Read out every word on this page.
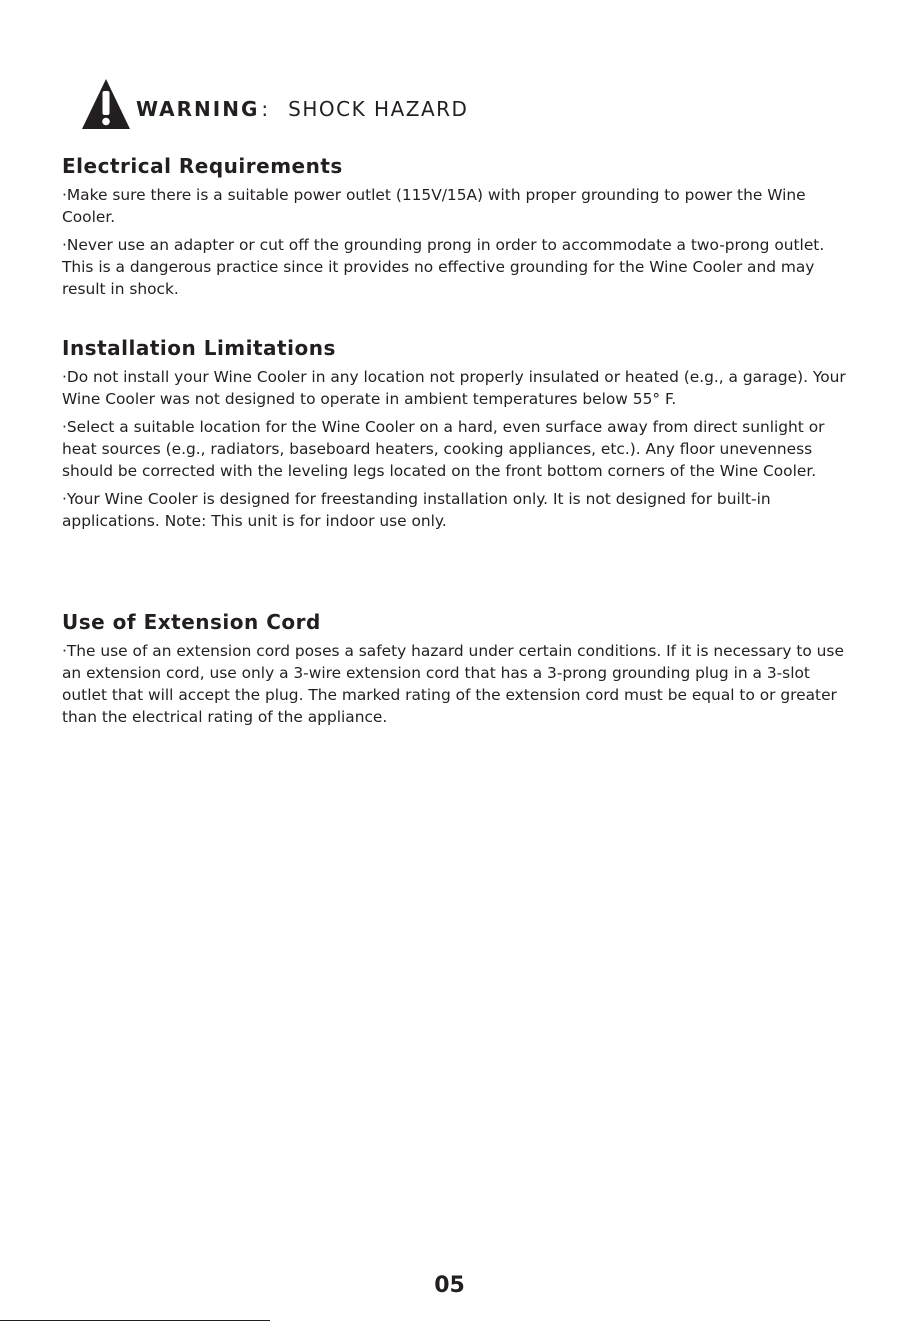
WARNING : SHOCK HAZARD
Electrical Requirements

·Make sure there is a suitable power outlet (115V/15A) with proper grounding to power the Wine Cooler.

·Never use an adapter or cut off the grounding prong in order to accommodate a two-prong outlet. This is a dangerous practice since it provides no effective grounding for the Wine Cooler and may result in shock.

Installation Limitations

·Do not install your Wine Cooler in any location not properly insulated or heated (e.g., a garage). Your Wine Cooler was not designed to operate in ambient temperatures below 55° F.

·Select a suitable location for the Wine Cooler on a hard, even surface away from direct sunlight or heat sources (e.g., radiators, baseboard heaters, cooking appliances, etc.). Any floor unevenness should be corrected with the leveling legs located on the front bottom corners of the Wine Cooler.

·Your Wine Cooler is designed for freestanding installation only. It is not designed for built-in applications. Note: This unit is for indoor use only.

Use of Extension Cord

·The use of an extension cord poses a safety hazard under certain conditions. If it is necessary to use an extension cord, use only a 3-wire extension cord that has a 3-prong grounding plug in a 3-slot outlet that will accept the plug. The marked rating of the extension cord must be equal to or greater than the electrical rating of the appliance.

05
